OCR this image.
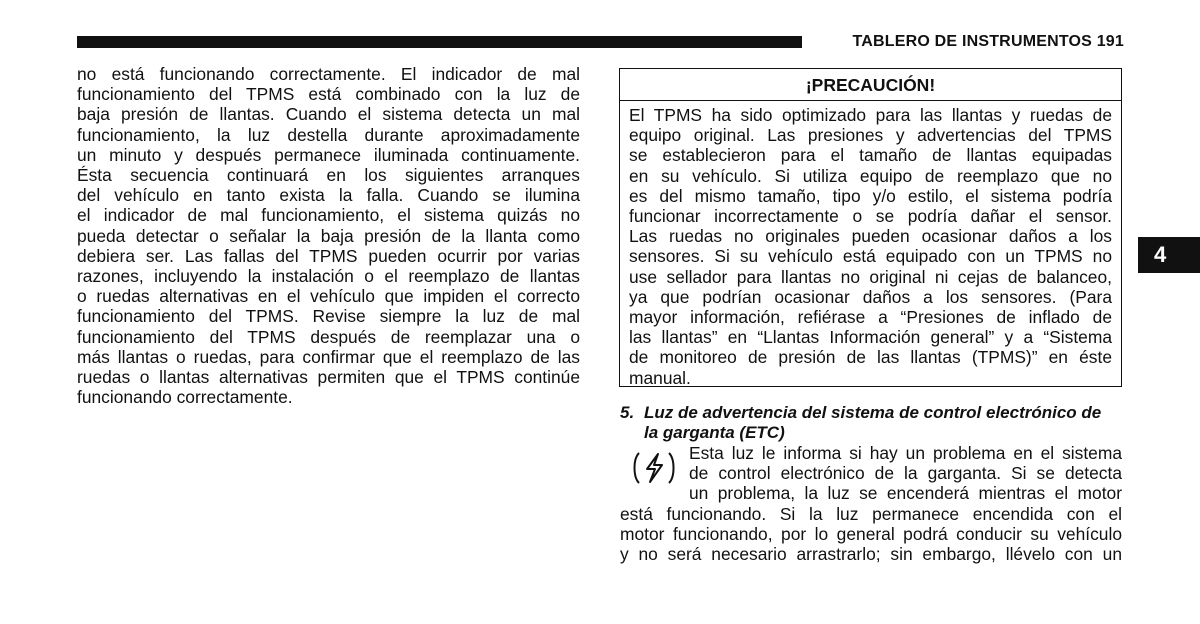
TABLERO DE INSTRUMENTOS 191
no está funcionando correctamente. El indicador de mal
funcionamiento del TPMS está combinado con la luz de
baja presión de llantas. Cuando el sistema detecta un mal
funcionamiento, la luz destella durante aproximadamente
un minuto y después permanece iluminada continuamente.
Ésta secuencia continuará en los siguientes arranques
del vehículo en tanto exista la falla. Cuando se ilumina
el indicador de mal funcionamiento, el sistema quizás no
pueda detectar o señalar la baja presión de la llanta como
debiera ser. Las fallas del TPMS pueden ocurrir por varias
razones, incluyendo la instalación o el reemplazo de llantas
o ruedas alternativas en el vehículo que impiden el correcto
funcionamiento del TPMS. Revise siempre la luz de mal
funcionamiento del TPMS después de reemplazar una o
más llantas o ruedas, para confirmar que el reemplazo de las
ruedas o llantas alternativas permiten que el TPMS continúe
funcionando correctamente.
¡PRECAUCIÓN!
El TPMS ha sido optimizado para las llantas y ruedas de
equipo original. Las presiones y advertencias del TPMS
se establecieron para el tamaño de llantas equipadas
en su vehículo. Si utiliza equipo de reemplazo que no
es del mismo tamaño, tipo y/o estilo, el sistema podría
funcionar incorrectamente o se podría dañar el sensor.
Las ruedas no originales pueden ocasionar daños a los
sensores. Si su vehículo está equipado con un TPMS no
use sellador para llantas no original ni cejas de balanceo,
ya que podrían ocasionar daños a los sensores. (Para
mayor información, refiérase a “Presiones de inflado de
las llantas” en “Llantas Información general” y a “Sistema
de monitoreo de presión de las llantas (TPMS)” en éste
manual.
5. Luz de advertencia del sistema de control electrónico de
la garganta (ETC)
Esta luz le informa si hay un problema en el sistema
de control electrónico de la garganta. Si se detecta
un problema, la luz se encenderá mientras el motor
está funcionando. Si la luz permanece encendida con el
motor funcionando, por lo general podrá conducir su vehículo
y no será necesario arrastrarlo; sin embargo, llévelo con un
4
